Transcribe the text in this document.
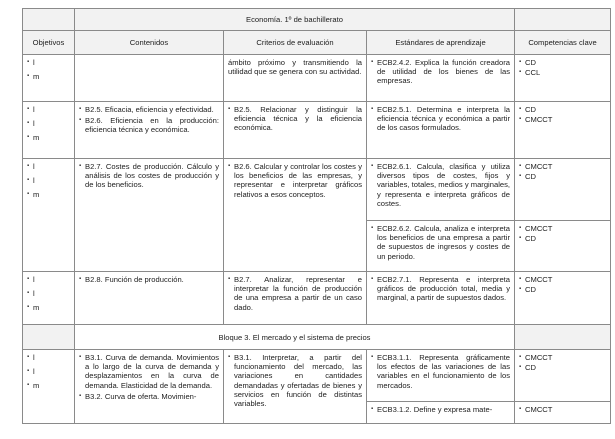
	Economía. 1º de bachillerato			
Objetivos	Contenidos	Criterios de evaluación	Estándares de aprendizaje	Competencias clave

▪ l
▪ m		ámbito próximo y transmitiendo la utilidad que se genera con su actividad.	▪ ECB2.4.2. Explica la función creadora de utilidad de los bienes de las empresas.	▪ CD
▪ CCL

▪ l
▪ l
▪ m	▪ B2.5. Eficacia, eficiencia y efectividad.
▪ B2.6. Eficiencia en la producción: eficiencia técnica y económica.	▪ B2.5. Relacionar y distinguir la eficiencia técnica y la eficiencia económica.	▪ ECB2.5.1. Determina e interpreta la eficiencia técnica y económica a partir de los casos formulados.	▪ CD
▪ CMCCT

▪ l
▪ l
▪ m	▪ B2.7. Costes de producción. Cálculo y análisis de los costes de producción y de los beneficios.	▪ B2.6. Calcular y controlar los costes y los beneficios de las empresas, y representar e interpretar gráficos relativos a esos conceptos.	▪ ECB2.6.1. Calcula, clasifica y utiliza diversos tipos de costes, fijos y variables, totales, medios y marginales, y representa e interpreta gráficos de costes.	▪ CMCCT
▪ CD

			▪ ECB2.6.2. Calcula, analiza e interpreta los beneficios de una empresa a partir de supuestos de ingresos y costes de un periodo.	▪ CMCCT
▪ CD

▪ l
▪ l
▪ m	▪ B2.8. Función de producción.	▪ B2.7. Analizar, representar e interpretar la función de producción de una empresa a partir de un caso dado.	▪ ECB2.7.1. Representa e interpreta gráficos de producción total, media y marginal, a partir de supuestos dados.	▪ CMCCT
▪ CD

	Bloque 3. El mercado y el sistema de precios			

▪ l
▪ l
▪ m	▪ B3.1. Curva de demanda. Movimientos a lo largo de la curva de demanda y desplazamientos en la curva de demanda. Elasticidad de la demanda.
▪ B3.2. Curva de oferta. Movimien-	▪ B3.1. Interpretar, a partir del funcionamiento del mercado, las variaciones en cantidades demandadas y ofertadas de bienes y servicios en función de distintas variables.	▪ ECB3.1.1. Representa gráficamente los efectos de las variaciones de las variables en el funcionamiento de los mercados.	▪ CMCCT
▪ CD

			▪ ECB3.1.2. Define y expresa mate-	▪ CMCCT
